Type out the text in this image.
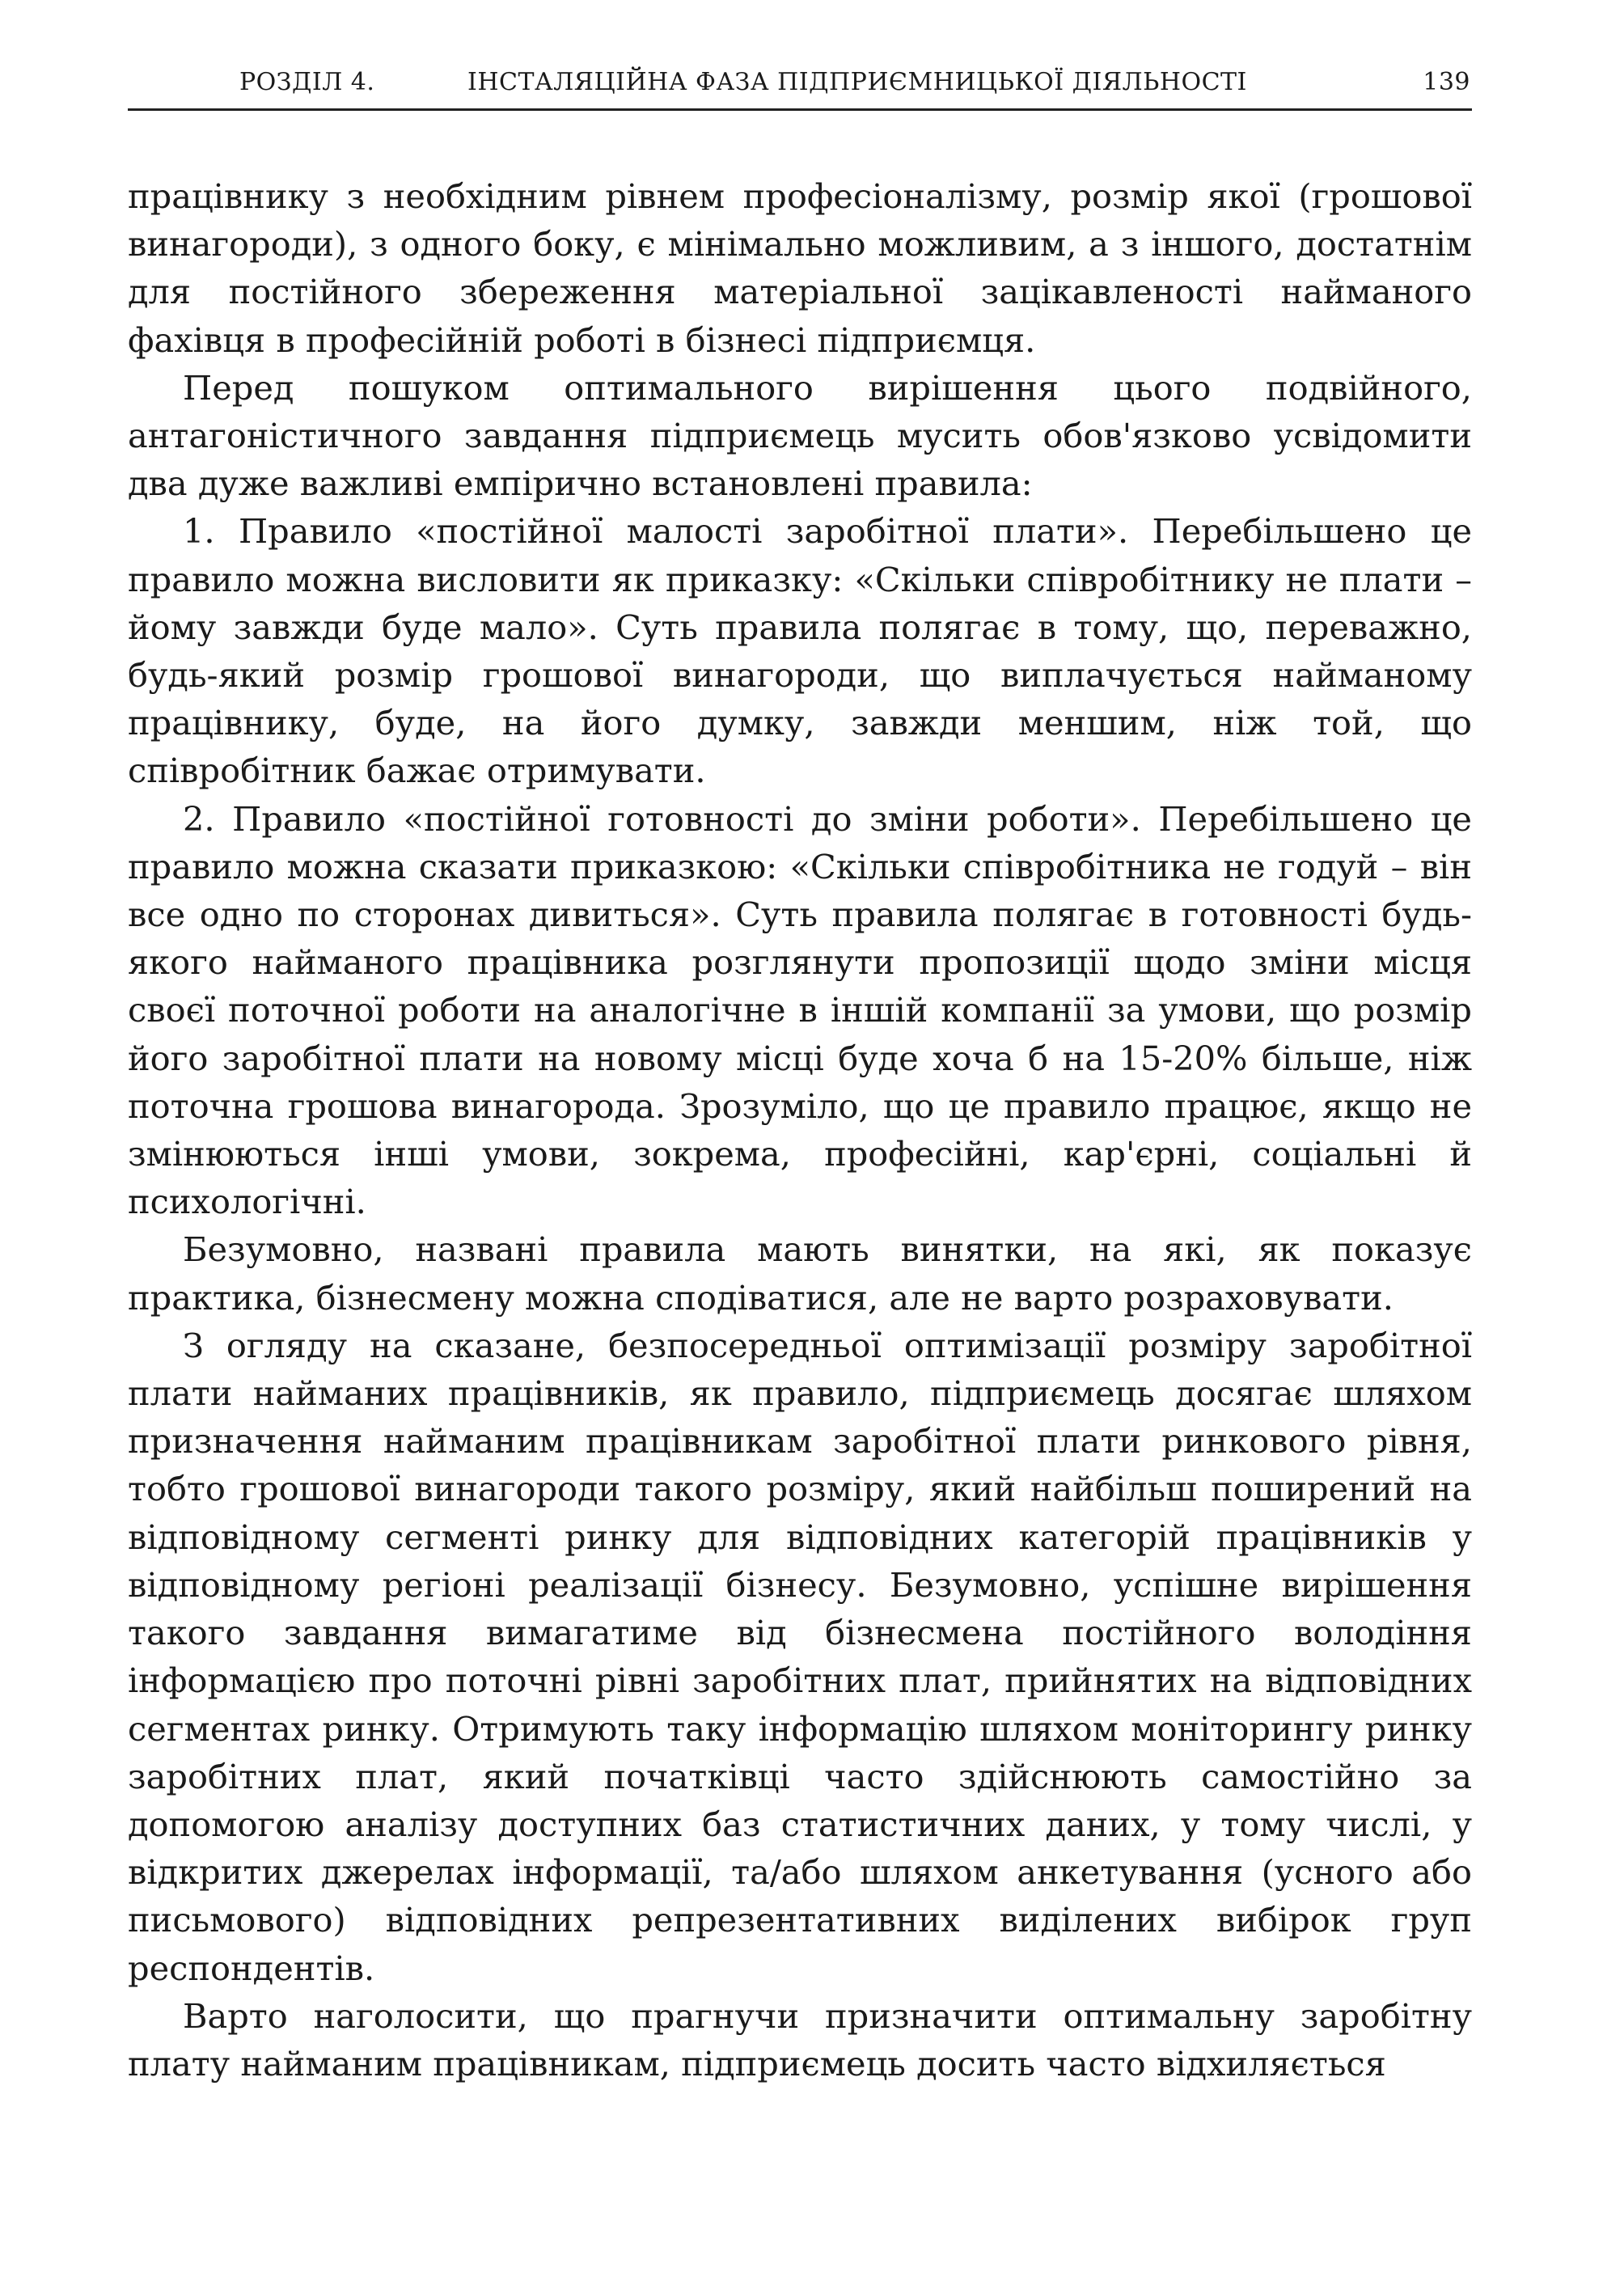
РОЗДІЛ 4.	ІНСТАЛЯЦІЙНА ФАЗА ПІДПРИЄМНИЦЬКОЇ ДІЯЛЬНОСТІ	139

працівнику з необхідним рівнем професіоналізму, розмір якої (грошової винагороди), з одного боку, є мінімально можливим, а з іншого, достатнім для постійного збереження матеріальної зацікавленості найманого фахівця в професійній роботі в бізнесі підприємця.

Перед пошуком оптимального вирішення цього подвійного, антагоністичного завдання підприємець мусить обов'язково усвідомити два дуже важливі емпірично встановлені правила:

1. Правило «постійної малості заробітної плати». Перебільшено це правило можна висловити як приказку: «Скільки співробітнику не плати – йому завжди буде мало». Суть правила полягає в тому, що, переважно, будь-який розмір грошової винагороди, що виплачується найманому працівнику, буде, на його думку, завжди меншим, ніж той, що співробітник бажає отримувати.

2. Правило «постійної готовності до зміни роботи». Перебільшено це правило можна сказати приказкою: «Скільки співробітника не годуй – він все одно по сторонах дивиться». Суть правила полягає в готовності будь-якого найманого працівника розглянути пропозиції щодо зміни місця своєї поточної роботи на аналогічне в іншій компанії за умови, що розмір його заробітної плати на новому місці буде хоча б на 15-20% більше, ніж поточна грошова винагорода. Зрозуміло, що це правило працює, якщо не змінюються інші умови, зокрема, професійні, кар'єрні, соціальні й психологічні.

Безумовно, названі правила мають винятки, на які, як показує практика, бізнесмену можна сподіватися, але не варто розраховувати.

З огляду на сказане, безпосередньої оптимізації розміру заробітної плати найманих працівників, як правило, підприємець досягає шляхом призначення найманим працівникам заробітної плати ринкового рівня, тобто грошової винагороди такого розміру, який найбільш поширений на відповідному сегменті ринку для відповідних категорій працівників у відповідному регіоні реалізації бізнесу. Безумовно, успішне вирішення такого завдання вимагатиме від бізнесмена постійного володіння інформацією про поточні рівні заробітних плат, прийнятих на відповідних сегментах ринку. Отримують таку інформацію шляхом моніторингу ринку заробітних плат, який початківці часто здійснюють самостійно за допомогою аналізу доступних баз статистичних даних, у тому числі, у відкритих джерелах інформації, та/або шляхом анкетування (усного або письмового) відповідних репрезентативних виділених вибірок груп респондентів.

Варто наголосити, що прагнучи призначити оптимальну заробітну плату найманим працівникам, підприємець досить часто відхиляється
